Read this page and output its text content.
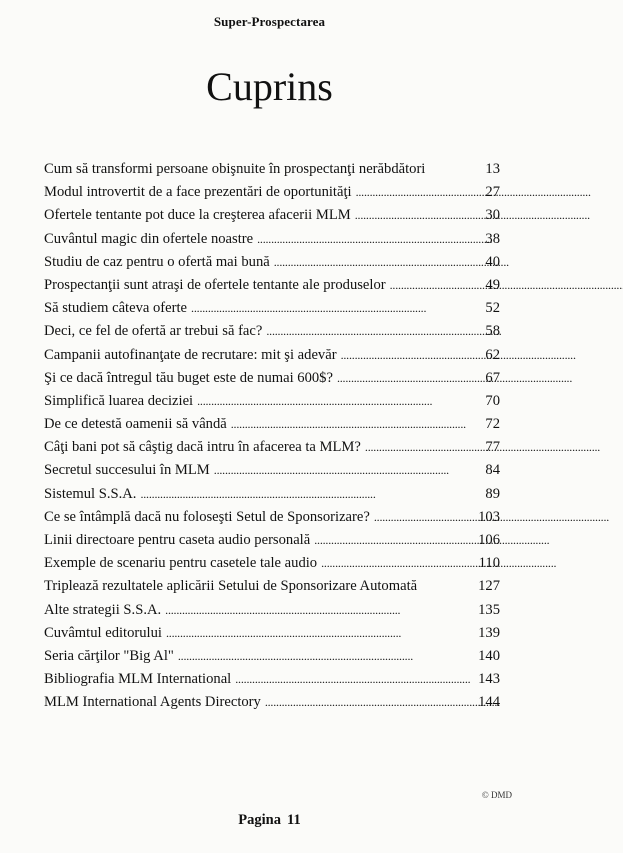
Super-Prospectarea
Cuprins
Cum să transformi persoane obişnuite în prospectanţi nerăbdători	13
Modul introvertit de a face prezentări de oportunităţi . . .	27
Ofertele tentante pot duce la creşterea afacerii MLM . . .	30
Cuvântul magic din ofertele noastre . . .	38
Studiu de caz pentru o ofertă mai bună . . .	40
Prospectanţii sunt atraşi de ofertele tentante ale produselor . . .	49
Să studiem câteva oferte . . .	52
Deci, ce fel de ofertă ar trebui să fac? . . .	58
Campanii autofinanţate de recrutare: mit şi adevăr . . .	62
Şi ce dacă întregul tău buget este de numai 600$? . . .	67
Simplifică luarea deciziei . . .	70
De ce detestă oamenii să vândă . . .	72
Câţi bani pot să câştig dacă intru în afacerea ta MLM? . . .	77
Secretul succesului în MLM . . .	84
Sistemul S.S.A. . . .	89
Ce se întâmplă dacă nu foloseşti Setul de Sponsorizare? . . .	103
Linii directoare pentru caseta audio personală . . .	106
Exemple de scenariu pentru casetele tale audio . . .	110
Triplează rezultatele aplicării Setului de Sponsorizare Automată	127
Alte strategii S.S.A. . . .	135
Cuvâmtul editorului . . .	139
Seria cărţilor "Big Al" . . .	140
Bibliografia MLM International . . .	143
MLM International Agents Directory . . .	144
© DMD
Pagina 11
